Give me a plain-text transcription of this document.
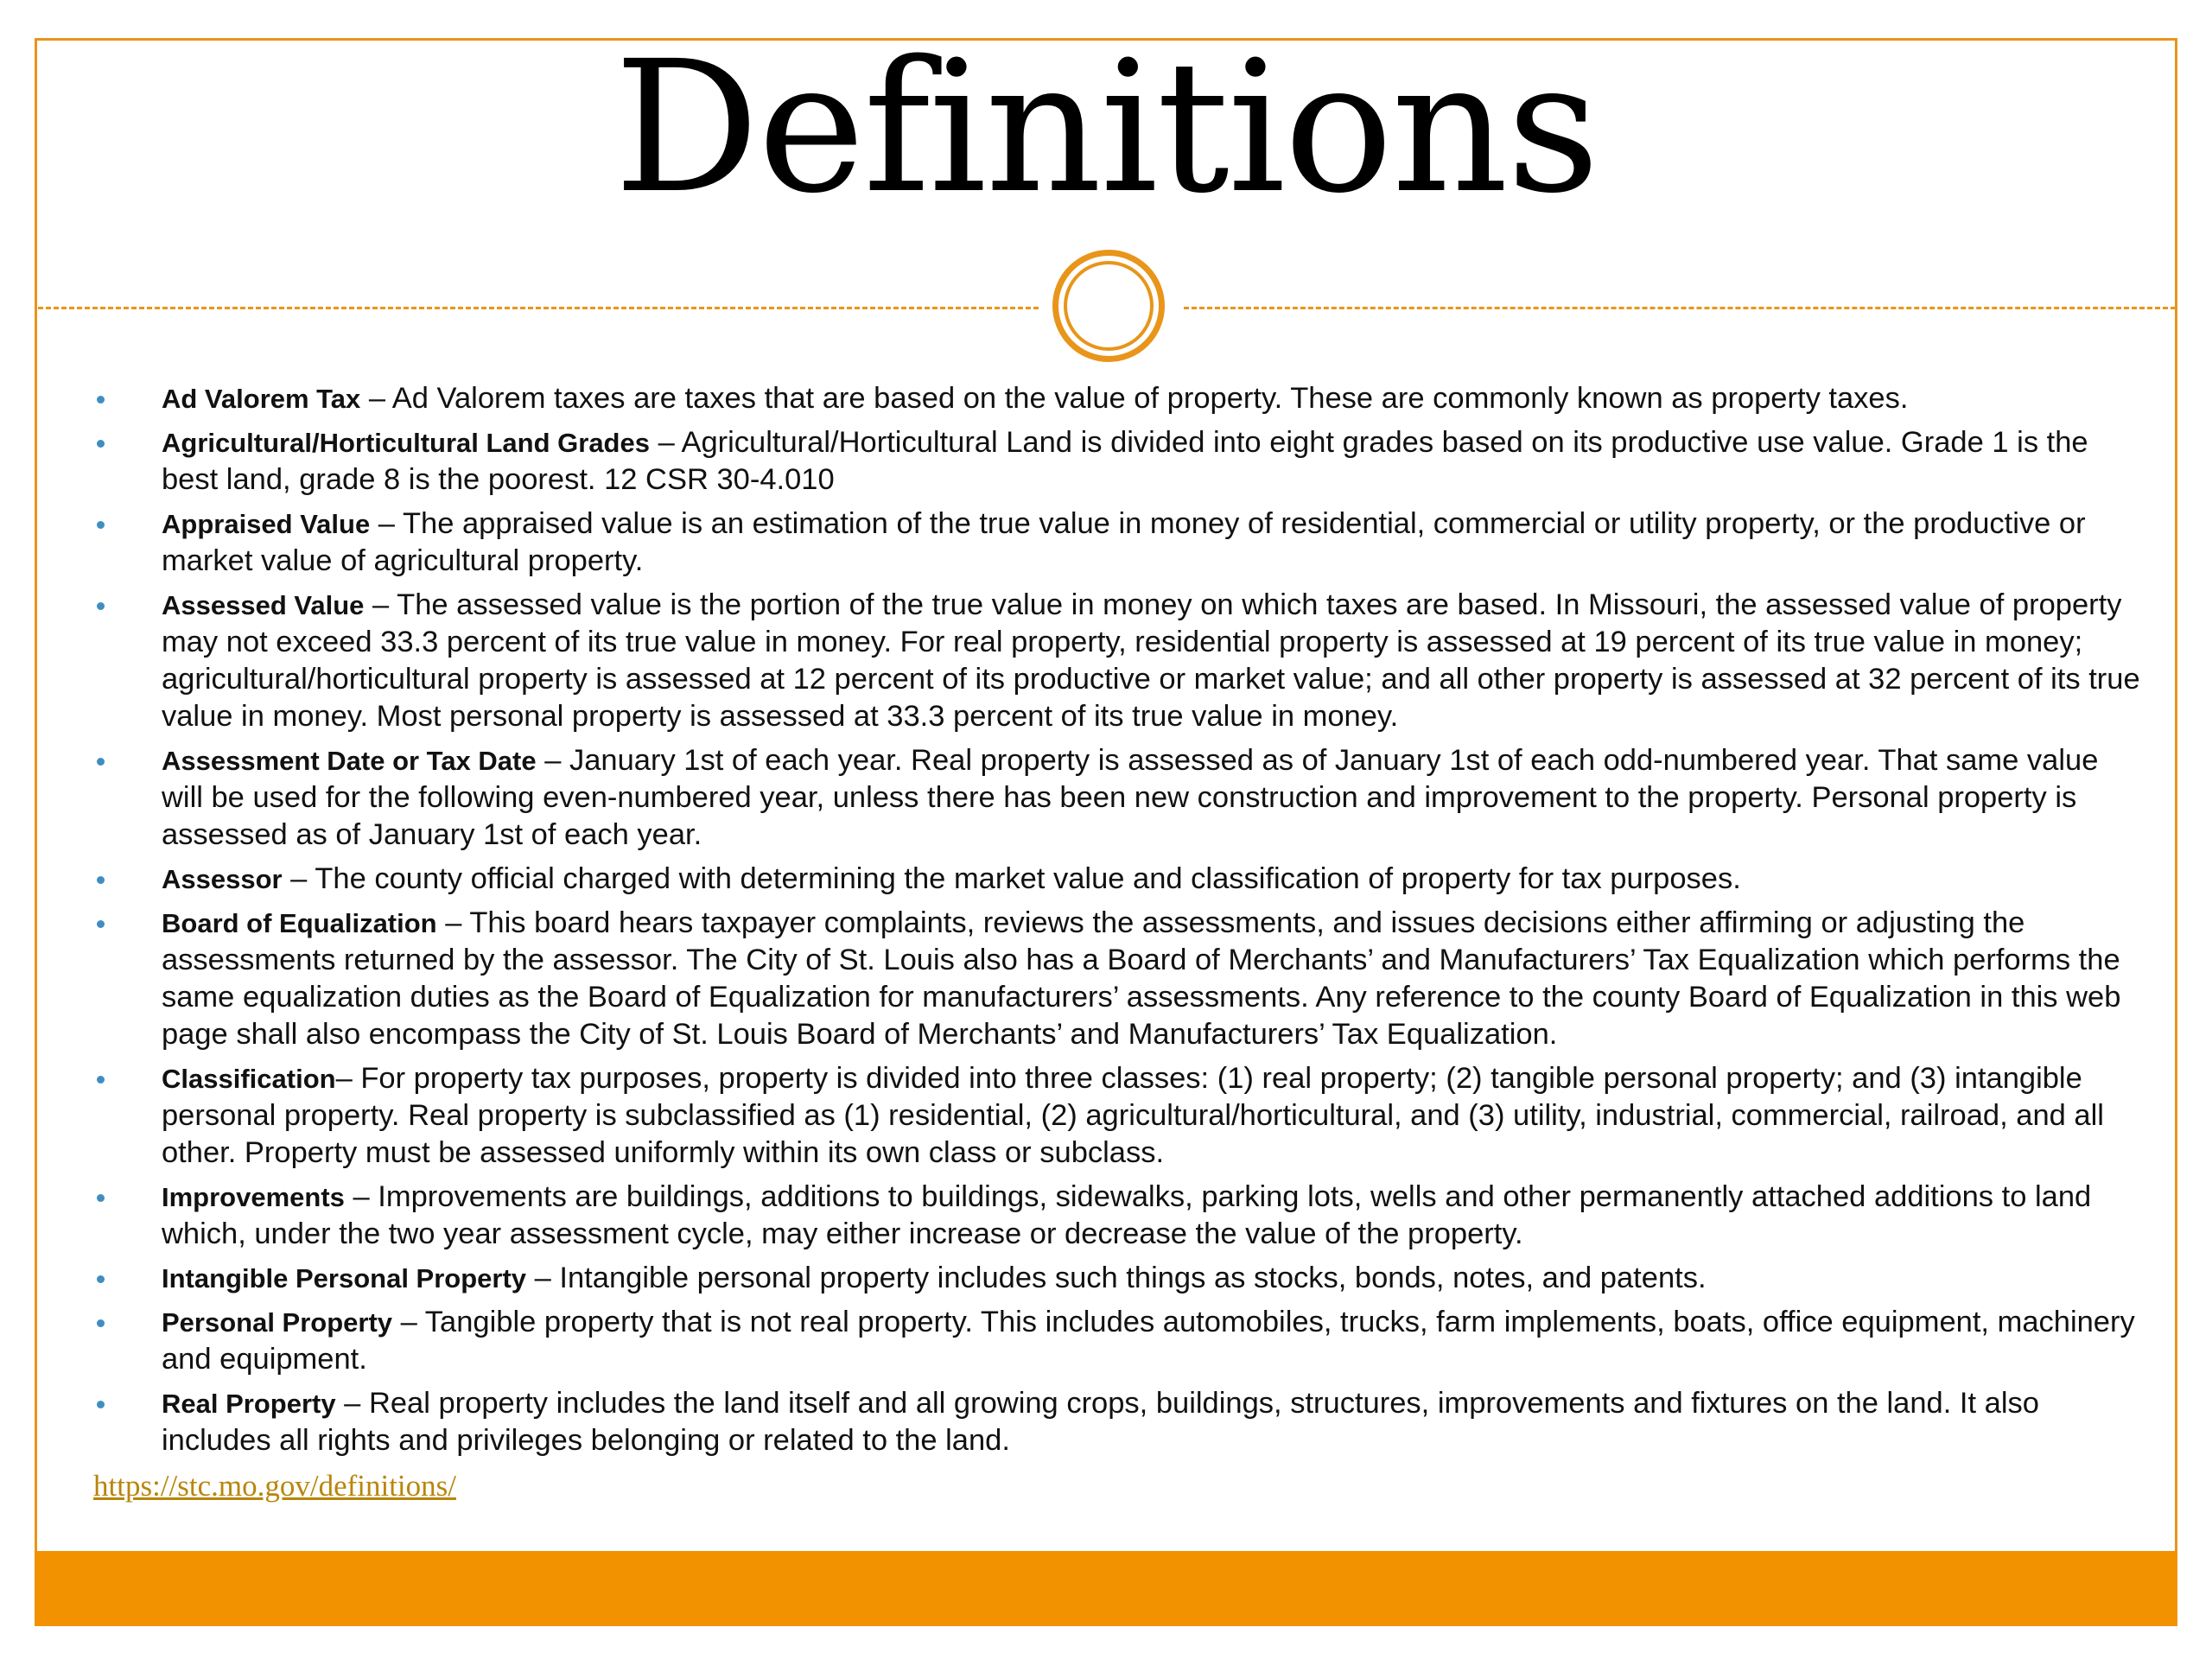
Definitions
Ad Valorem Tax – Ad Valorem taxes are taxes that are based on the value of property. These are commonly known as property taxes.
Agricultural/Horticultural Land Grades – Agricultural/Horticultural Land is divided into eight grades based on its productive use value. Grade 1 is the best land, grade 8 is the poorest. 12 CSR 30-4.010
Appraised Value – The appraised value is an estimation of the true value in money of residential, commercial or utility property, or the productive or market value of agricultural property.
Assessed Value – The assessed value is the portion of the true value in money on which taxes are based. In Missouri, the assessed value of property may not exceed 33.3 percent of its true value in money. For real property, residential property is assessed at 19 percent of its true value in money; agricultural/horticultural property is assessed at 12 percent of its productive or market value; and all other property is assessed at 32 percent of its true value in money. Most personal property is assessed at 33.3 percent of its true value in money.
Assessment Date or Tax Date – January 1st of each year. Real property is assessed as of January 1st of each odd-numbered year. That same value will be used for the following even-numbered year, unless there has been new construction and improvement to the property. Personal property is assessed as of January 1st of each year.
Assessor – The county official charged with determining the market value and classification of property for tax purposes.
Board of Equalization – This board hears taxpayer complaints, reviews the assessments, and issues decisions either affirming or adjusting the assessments returned by the assessor. The City of St. Louis also has a Board of Merchants’ and Manufacturers’ Tax Equalization which performs the same equalization duties as the Board of Equalization for manufacturers’ assessments. Any reference to the county Board of Equalization in this web page shall also encompass the City of St. Louis Board of Merchants’ and Manufacturers’ Tax Equalization.
Classification– For property tax purposes, property is divided into three classes: (1) real property; (2) tangible personal property; and (3) intangible personal property. Real property is subclassified as (1) residential, (2) agricultural/horticultural, and (3) utility, industrial, commercial, railroad, and all other. Property must be assessed uniformly within its own class or subclass.
Improvements – Improvements are buildings, additions to buildings, sidewalks, parking lots, wells and other permanently attached additions to land which, under the two year assessment cycle, may either increase or decrease the value of the property.
Intangible Personal Property – Intangible personal property includes such things as stocks, bonds, notes, and patents.
Personal Property – Tangible property that is not real property. This includes automobiles, trucks, farm implements, boats, office equipment, machinery and equipment.
Real Property – Real property includes the land itself and all growing crops, buildings, structures, improvements and fixtures on the land. It also includes all rights and privileges belonging or related to the land.
https://stc.mo.gov/definitions/
